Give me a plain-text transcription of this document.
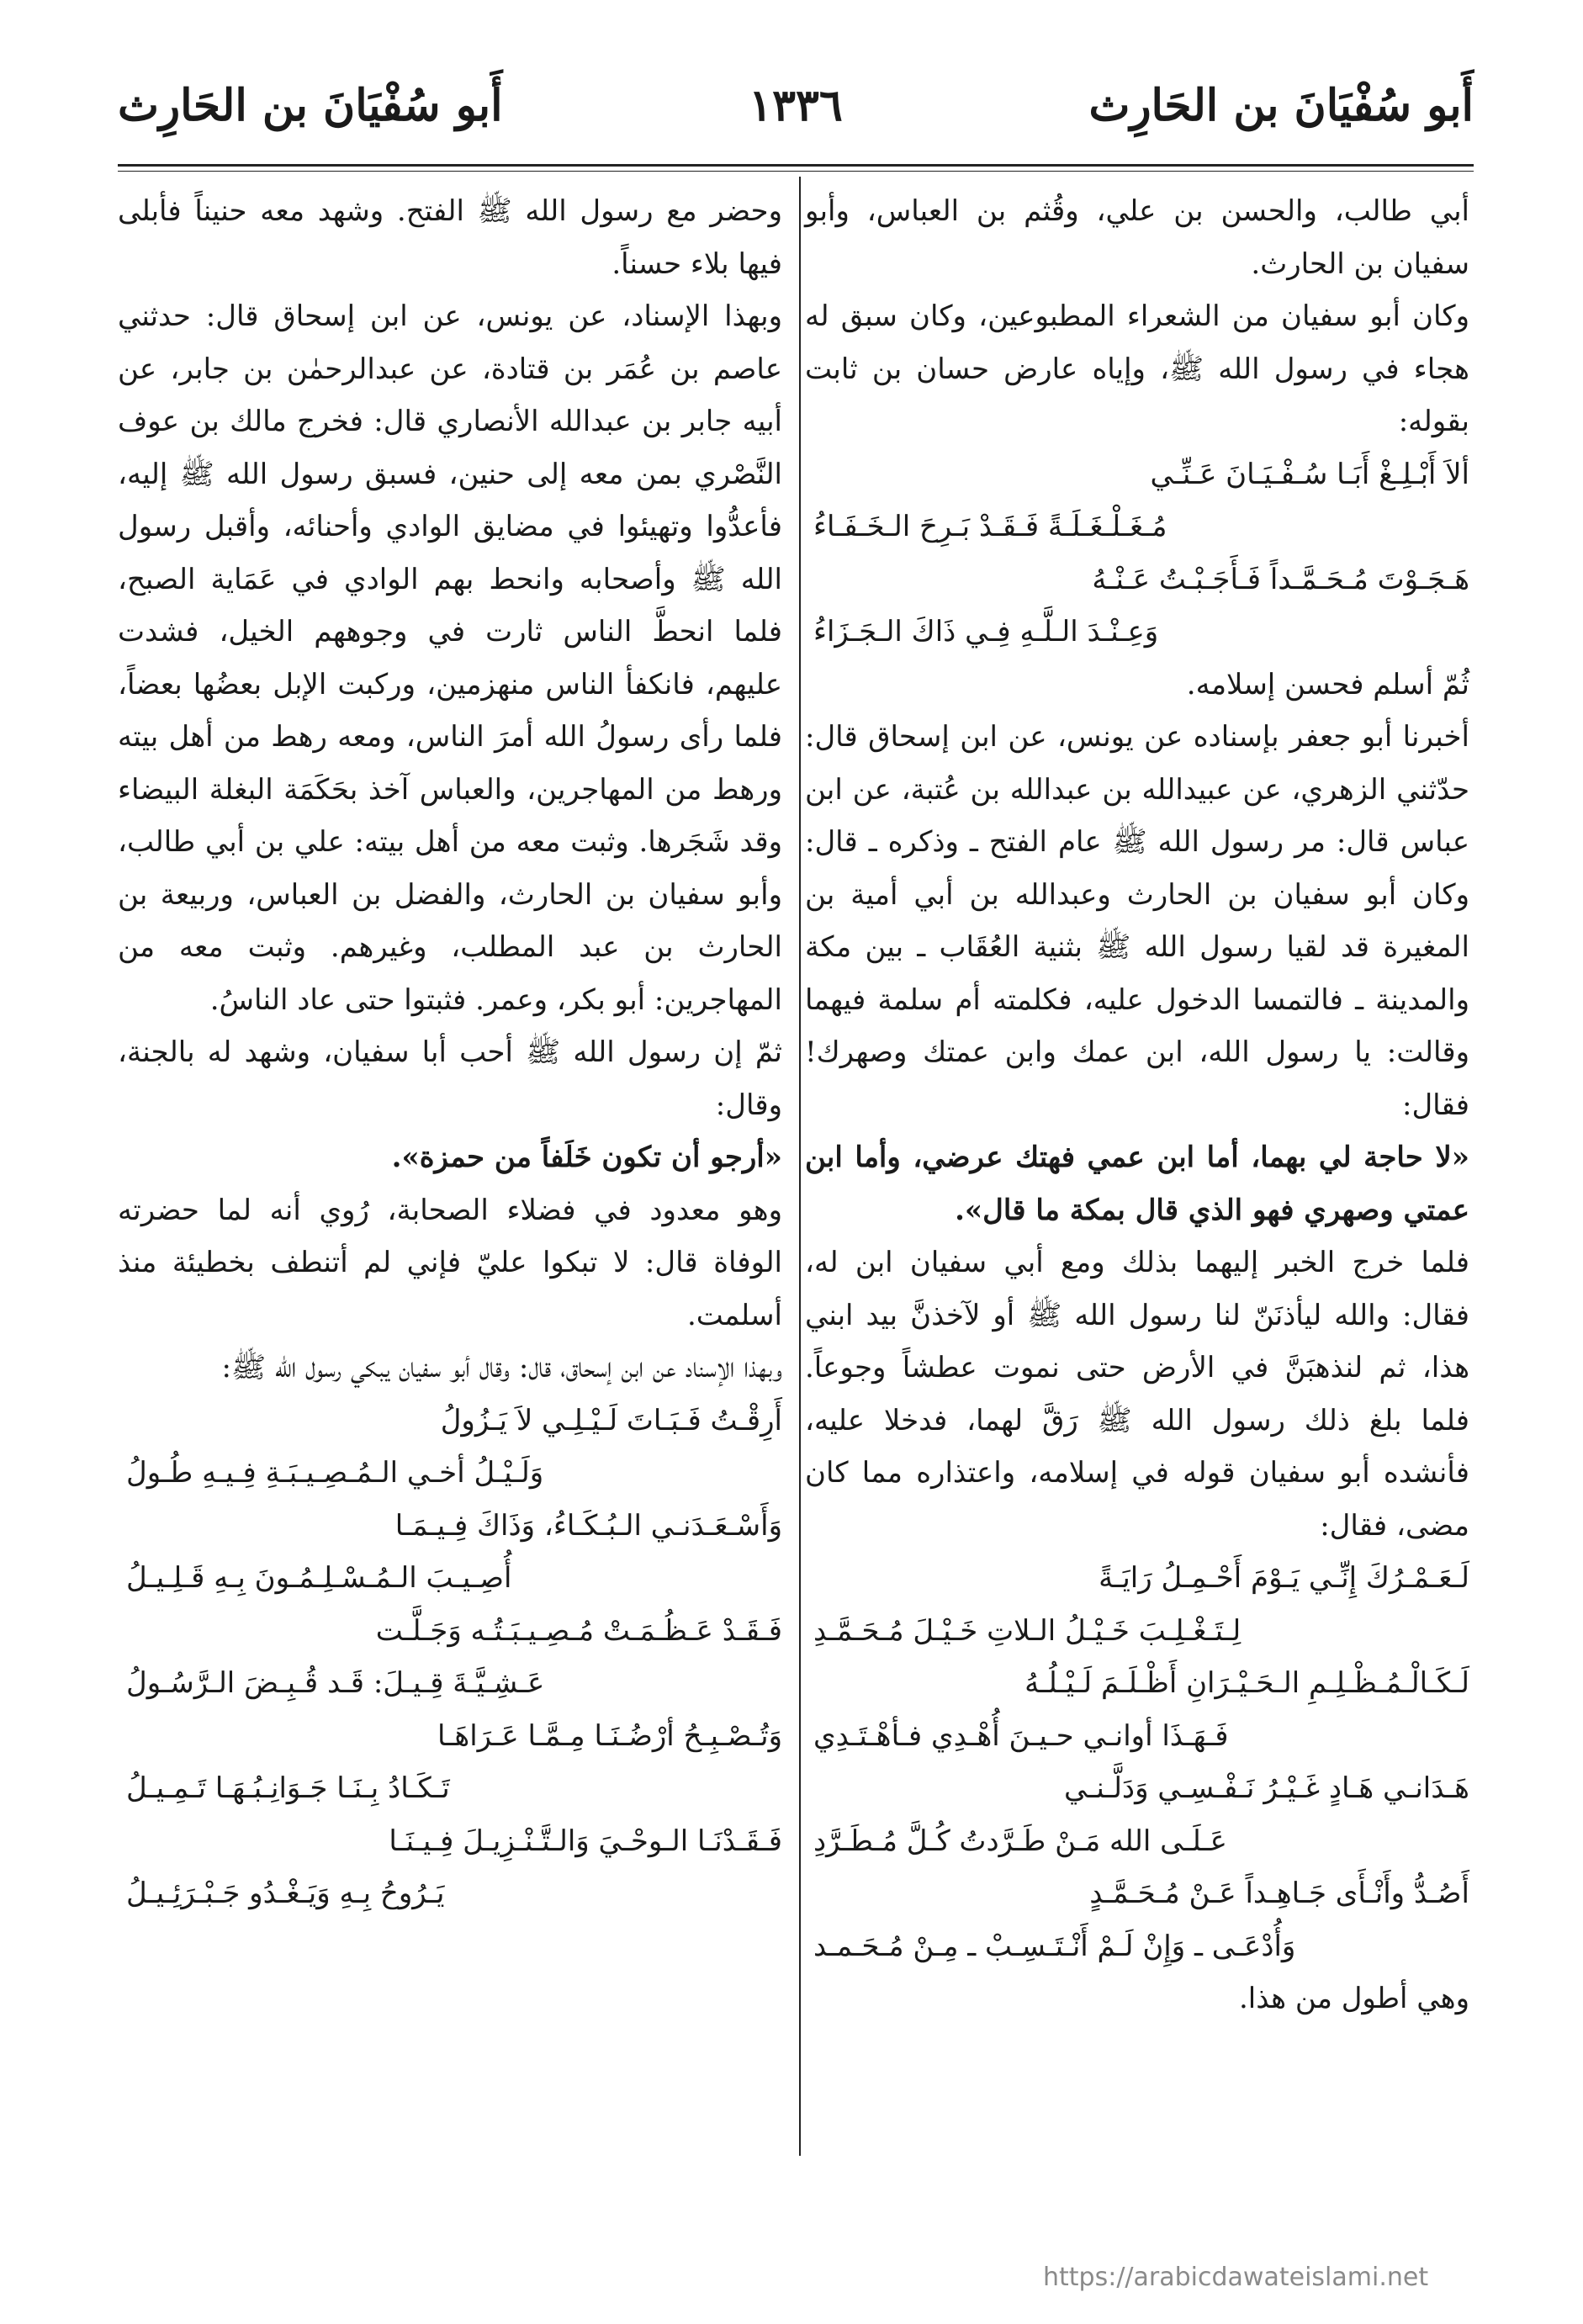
أَبو سُفْيَانَ بن الحَارِث
١٣٣٦
أَبو سُفْيَانَ بن الحَارِث

أبي طالب، والحسن بن علي، وقُثم بن العباس، وأبو سفيان بن الحارث.

وكان أبو سفيان من الشعراء المطبوعين، وكان سبق له هجاء في رسول الله ﷺ، وإياه عارض حسان بن ثابت بقوله:

ألاَ أَبْـلِـغْ أَبَـا سُـفْـيَـانَ عَـنِّـي
مُـغَـلْـغَـلَـةً فَـقَـدْ بَـرِحَ الـخَـفَـاءُ
هَـجَـوْتَ مُـحَـمَّـداً فَـأَجَـبْـتُ عَـنْـهُ
وَعِـنْـدَ الـلَّـهِ فِـي ذَاكَ الـجَـزَاءُ

ثُمّ أسلم فحسن إسلامه.

أخبرنا أبو جعفر بإسناده عن يونس، عن ابن إسحاق قال: حدّثني الزهري، عن عبيدالله بن عبدالله بن عُتبة، عن ابن عباس قال: مر رسول الله ﷺ عام الفتح ـ وذكره ـ قال: وكان أبو سفيان بن الحارث وعبدالله بن أبي أمية بن المغيرة قد لقيا رسول الله ﷺ بثنية العُقَاب ـ بين مكة والمدينة ـ فالتمسا الدخول عليه، فكلمته أم سلمة فيهما وقالت: يا رسول الله، ابن عمك وابن عمتك وصهرك! فقال:

«لا حاجة لي بهما، أما ابن عمي فهتك عرضي، وأما ابن عمتي وصهري فهو الذي قال بمكة ما قال».

فلما خرج الخبر إليهما بذلك ومع أبي سفيان ابن له، فقال: والله ليأذنَنّ لنا رسول الله ﷺ أو لآخذنَّ بيد ابني هذا، ثم لنذهبَنَّ في الأرض حتى نموت عطشاً وجوعاً. فلما بلغ ذلك رسول الله ﷺ رَقَّ لهما، فدخلا عليه، فأنشده أبو سفيان قوله في إسلامه، واعتذاره مما كان مضى، فقال:

لَـعَـمْـرُكَ إِنِّـي يَـوْمَ أَحْـمِـلُ رَايَـةً
لِـتَـغْـلِـبَ خَـيْـلُ الـلاتِ خَـيْـلَ مُـحَـمَّـدِ
لَـكَـالْـمُـظْـلِـمِ الـحَـيْـرَانِ أَظْـلَـمَ لَـيْـلُـهُ
فَـهَـذَا أوانـي حـيـنَ أُهْـدِي فـأهْـتَـدِي
هَـدَانـي هَـادٍ غَـيْـرُ نَـفْـسِـي وَدَلَّـنـي
عَـلَـى الله مَـنْ طَـرَّدتُ كُـلَّ مُـطَـرَّدِ
أَصُـدُّ وأَنْـأَى جَـاهِـداً عَـنْ مُـحَـمَّـدٍ
وَأُدْعَـى ـ وَإِنْ لَـمْ أَنْـتَـسِـبْ ـ مِـنْ مُـحَـمـد

وهي أطول من هذا.

وحضر مع رسول الله ﷺ الفتح. وشهد معه حنيناً فأبلى فيها بلاء حسناً.

وبهذا الإسناد، عن يونس، عن ابن إسحاق قال: حدثني عاصم بن عُمَر بن قتادة، عن عبدالرحمٰن بن جابر، عن أبيه جابر بن عبدالله الأنصاري قال: فخرج مالك بن عوف النَّصْري بمن معه إلى حنين، فسبق رسول الله ﷺ إليه، فأعدُّوا وتهيئوا في مضايق الوادي وأحنائه، وأقبل رسول الله ﷺ وأصحابه وانحط بهم الوادي في عَمَاية الصبح، فلما انحطَّ الناس ثارت في وجوههم الخيل، فشدت عليهم، فانكفأ الناس منهزمين، وركبت الإبل بعضُها بعضاً، فلما رأى رسولُ الله أمرَ الناس، ومعه رهط من أهل بيته ورهط من المهاجرين، والعباس آخذ بحَكَمَة البغلة البيضاء وقد شَجَرها. وثبت معه من أهل بيته: علي بن أبي طالب، وأبو سفيان بن الحارث، والفضل بن العباس، وربيعة بن الحارث بن عبد المطلب، وغيرهم. وثبت معه من المهاجرين: أبو بكر، وعمر. فثبتوا حتى عاد الناسُ.

ثمّ إن رسول الله ﷺ أحب أبا سفيان، وشهد له بالجنة، وقال:

«أرجو أن تكون خَلَفاً من حمزة».

وهو معدود في فضلاء الصحابة، رُوي أنه لما حضرته الوفاة قال: لا تبكوا عليّ فإني لم أتنطف بخطيئة منذ أسلمت.

وبهذا الإسناد عن ابن إسحاق، قال: وقال أبو سفيان يبكي رسول الله ﷺ:

أَرِقْـتُ فَـبَـاتَ لَـيْـلِـي لاَ يَـزُولُ
وَلَـيْـلُ أخـي الـمُـصِـيـبَـةِ فِـيـهِ طُـولُ
وَأَسْـعَـدَنـي الـبُـكَـاءُ، وَذَاكَ فِـيـمَـا
أُصِـيـبَ الـمُـسْـلِـمُـونَ بِـهِ قَـلِـيـلُ
فَـقَـدْ عَـظُـمَـتْ مُـصِـيـبَـتُـه وَجَـلَّـت
عَـشِـيَّـةَ قِـيـلَ: قَـد قُـبِـضَ الـرَّسُـولُ
وَتُـصْـبِـحُ أرْضُـنَـا مِـمَّـا عَـرَاهَـا
تَـكَـادُ بِـنَـا جَـوَانِـبُـهَـا تَـمِـيـلُ
فَـقَـدْنَـا الـوحْـيَ وَالـتَّـنْـزِيـلَ فِـيـنَـا
يَـرُوحُ بِـهِ وَيَـغْـدُو جَـبْـرَئِـيـلُ
https://arabicdawateislami.net
